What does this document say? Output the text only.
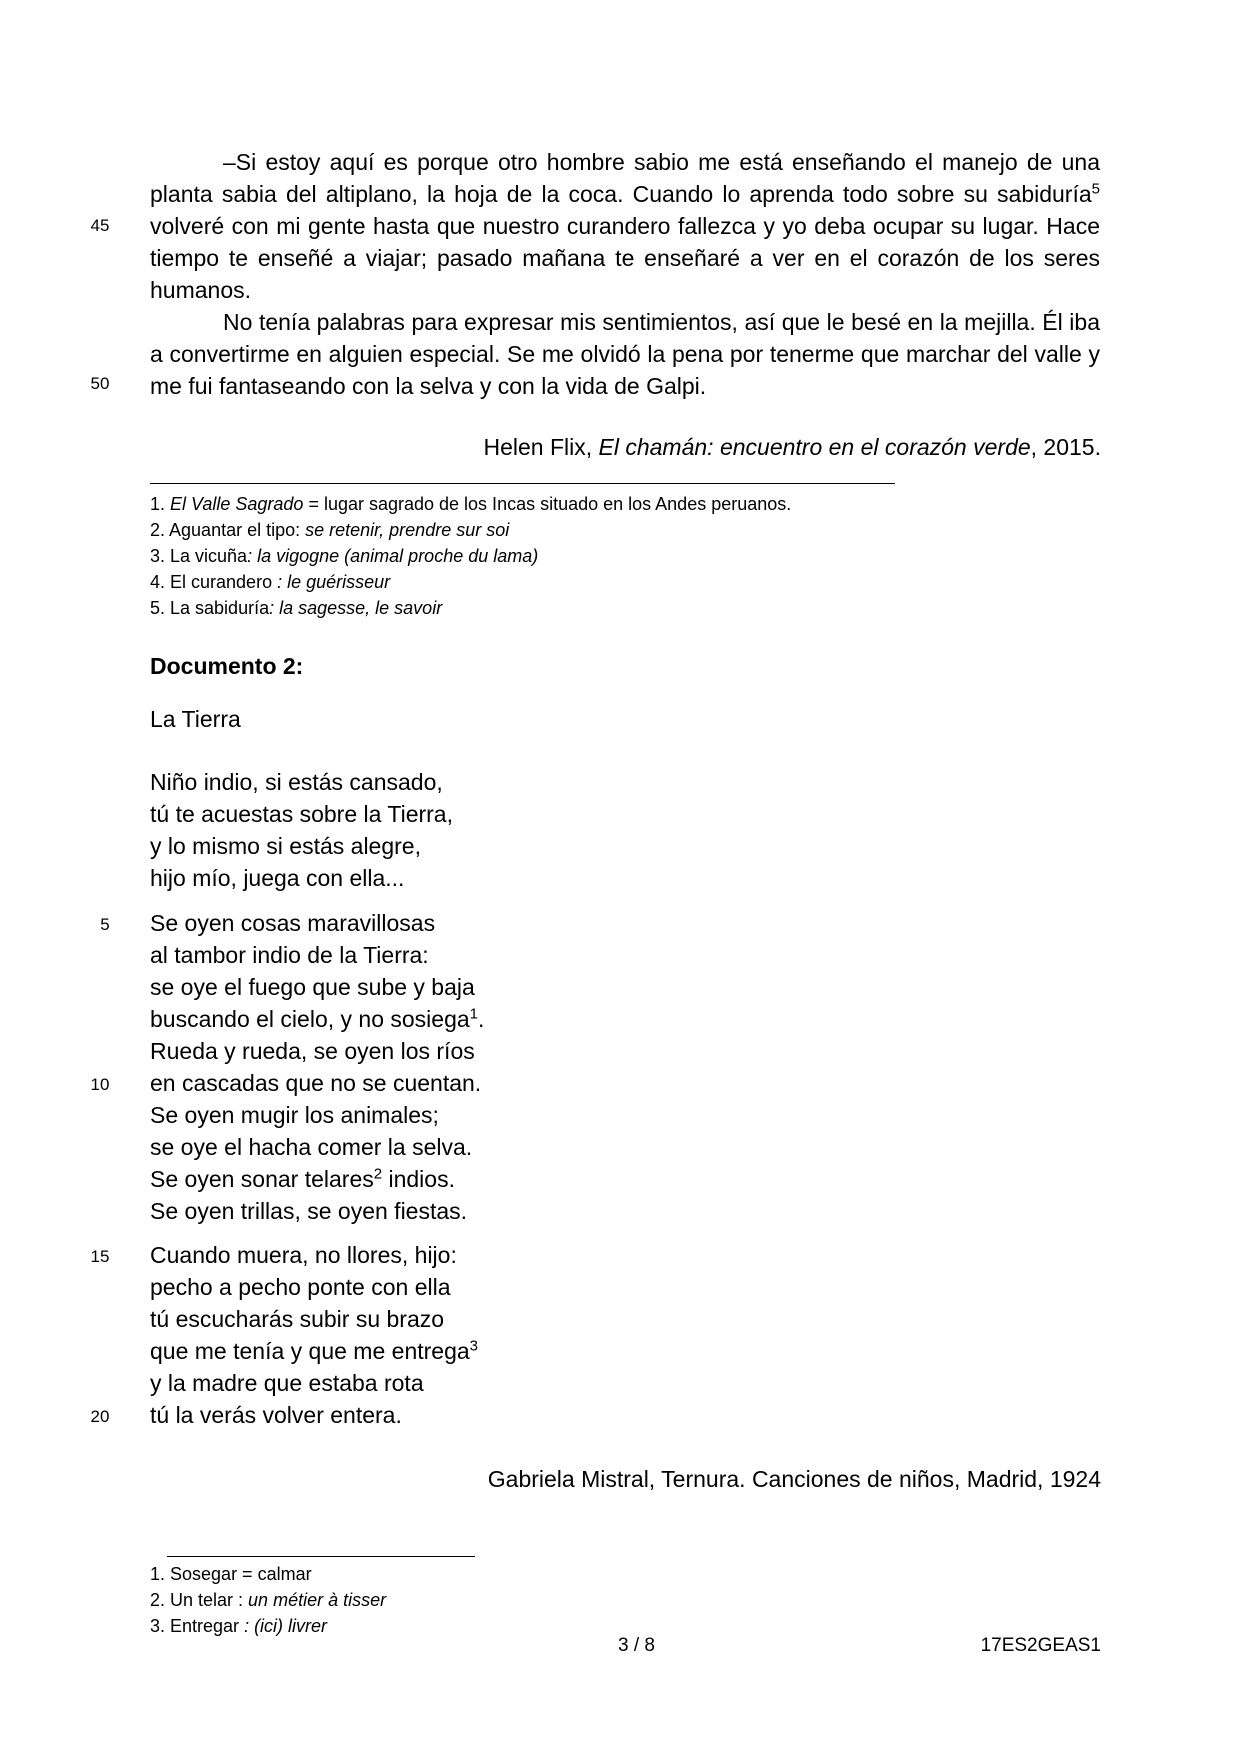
–Si estoy aquí es porque otro hombre sabio me está enseñando el manejo de una planta sabia del altiplano, la hoja de la coca. Cuando lo aprenda todo sobre su sabiduría$^5$ volveré con mi gente hasta que nuestro curandero fallezca y yo deba ocupar su lugar. Hace tiempo te enseñé a viajar; pasado mañana te enseñaré a ver en el corazón de los seres humanos.

No tenía palabras para expresar mis sentimientos, así que le besé en la mejilla. Él iba a convertirme en alguien especial. Se me olvidó la pena por tenerme que marchar del valle y me fui fantaseando con la selva y con la vida de Galpi.

45
50
Helen Flix, El chamán: encuentro en el corazón verde, 2015.
1. El Valle Sagrado = lugar sagrado de los Incas situado en los Andes peruanos.
2. Aguantar el tipo: se retenir, prendre sur soi
3. La vicuña: la vigogne (animal proche du lama)
4. El curandero : le guérisseur
5. La sabiduría: la sagesse, le savoir
Documento 2:
La Tierra
Niño indio, si estás cansado,
tú te acuestas sobre la Tierra,
y lo mismo si estás alegre,
hijo mío, juega con ella...
Se oyen cosas maravillosas
al tambor indio de la Tierra:
se oye el fuego que sube y baja
buscando el cielo, y no sosiega$^1$.
Rueda y rueda, se oyen los ríos
en cascadas que no se cuentan.
Se oyen mugir los animales;
se oye el hacha comer la selva.
Se oyen sonar telares$^2$ indios.
Se oyen trillas, se oyen fiestas.
Cuando muera, no llores, hijo:
pecho a pecho ponte con ella
tú escucharás subir su brazo
que me tenía y que me entrega$^3$
y la madre que estaba rota
tú la verás volver entera.
5
10
15
20
Gabriela Mistral, Ternura. Canciones de niños, Madrid, 1924
1. Sosegar = calmar
2. Un telar : un métier à tisser
3. Entregar : (ici) livrer
3 / 8	17ES2GEAS1
